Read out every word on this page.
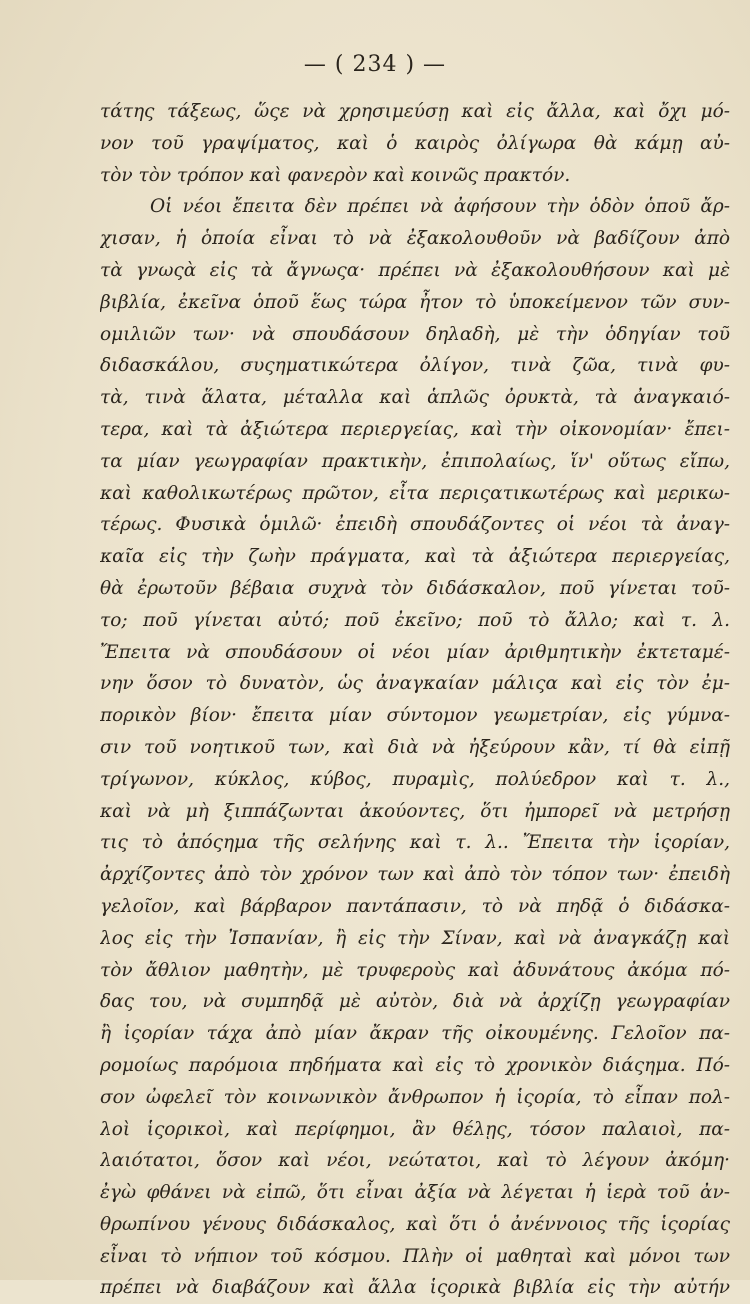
— ( 234 ) —
τάτης τάξεως, ὥςε νὰ χρησιμεύσῃ καὶ εἰς ἄλλα, καὶ ὄχι μό-
νον τοῦ γραψίματος, καὶ ὁ καιρὸς ὀλίγωρα θὰ κάμῃ αὐ-
τὸν τὸν τρόπον καὶ φανερὸν καὶ κοινῶς πρακτόν.
Οἱ νέοι ἔπειτα δὲν πρέπει νὰ ἀφήσουν τὴν ὁδὸν ὁποῦ ἄρ-
χισαν, ἡ ὁποία εἶναι τὸ νὰ ἐξακολουθοῦν νὰ βαδίζουν ἀπὸ
τὰ γνωςὰ εἰς τὰ ἄγνωςα· πρέπει νὰ ἐξακολουθήσουν καὶ μὲ
βιβλία, ἐκεῖνα ὁποῦ ἕως τώρα ἦτον τὸ ὑποκείμενον τῶν συν-
ομιλιῶν των· νὰ σπουδάσουν δηλαδὴ, μὲ τὴν ὁδηγίαν τοῦ
διδασκάλου, συςηματικώτερα ὀλίγον, τινὰ ζῶα, τινὰ φυ-
τὰ, τινὰ ἅλατα, μέταλλα καὶ ἁπλῶς ὀρυκτὰ, τὰ ἀναγκαιό-
τερα, καὶ τὰ ἀξιώτερα περιεργείας, καὶ τὴν οἰκονομίαν· ἔπει-
τα μίαν γεωγραφίαν πρακτικὴν, ἐπιπολαίως, ἵν' οὕτως εἴπω,
καὶ καθολικωτέρως πρῶτον, εἶτα περιςατικωτέρως καὶ μερικω-
τέρως. Φυσικὰ ὁμιλῶ· ἐπειδὴ σπουδάζοντες οἱ νέοι τὰ ἀναγ-
καῖα εἰς τὴν ζωὴν πράγματα, καὶ τὰ ἀξιώτερα περιεργείας,
θὰ ἐρωτοῦν βέβαια συχνὰ τὸν διδάσκαλον, ποῦ γίνεται τοῦ-
το; ποῦ γίνεται αὐτό; ποῦ ἐκεῖνο; ποῦ τὸ ἄλλο; καὶ τ. λ.
Ἔπειτα νὰ σπουδάσουν οἱ νέοι μίαν ἀριθμητικὴν ἐκτεταμέ-
νην ὅσον τὸ δυνατὸν, ὡς ἀναγκαίαν μάλιςα καὶ εἰς τὸν ἐμ-
πορικὸν βίον· ἔπειτα μίαν σύντομον γεωμετρίαν, εἰς γύμνα-
σιν τοῦ νοητικοῦ των, καὶ διὰ νὰ ἠξεύρουν κἂν, τί θὰ εἰπῇ
τρίγωνον, κύκλος, κύβος, πυραμὶς, πολύεδρον καὶ τ. λ.,
καὶ νὰ μὴ ξιππάζωνται ἀκούοντες, ὅτι ἠμπορεῖ νὰ μετρήσῃ
τις τὸ ἀπόςημα τῆς σελήνης καὶ τ. λ.. Ἔπειτα τὴν ἱςορίαν,
ἀρχίζοντες ἀπὸ τὸν χρόνον των καὶ ἀπὸ τὸν τόπον των· ἐπειδὴ
γελοῖον, καὶ βάρβαρον παντάπασιν, τὸ νὰ πηδᾷ ὁ διδάσκα-
λος εἰς τὴν Ἰσπανίαν, ἢ εἰς τὴν Σίναν, καὶ νὰ ἀναγκάζῃ καὶ
τὸν ἄθλιον μαθητὴν, μὲ τρυφεροὺς καὶ ἀδυνάτους ἀκόμα πό-
δας του, νὰ συμπηδᾷ μὲ αὐτὸν, διὰ νὰ ἀρχίζῃ γεωγραφίαν
ἢ ἱςορίαν τάχα ἀπὸ μίαν ἄκραν τῆς οἰκουμένης. Γελοῖον πα-
ρομοίως παρόμοια πηδήματα καὶ εἰς τὸ χρονικὸν διάςημα. Πό-
σον ὠφελεῖ τὸν κοινωνικὸν ἄνθρωπον ἡ ἱςορία, τὸ εἶπαν πολ-
λοὶ ἱςορικοὶ, καὶ περίφημοι, ἂν θέλῃς, τόσον παλαιοὶ, πα-
λαιότατοι, ὅσον καὶ νέοι, νεώτατοι, καὶ τὸ λέγουν ἀκόμη·
ἐγὼ φθάνει νὰ εἰπῶ, ὅτι εἶναι ἀξία νὰ λέγεται ἡ ἱερὰ τοῦ ἀν-
θρωπίνου γένους διδάσκαλος, καὶ ὅτι ὁ ἀνέννοιος τῆς ἱςορίας
εἶναι τὸ νήπιον τοῦ κόσμου. Πλὴν οἱ μαθηταὶ καὶ μόνοι των
πρέπει νὰ διαβάζουν καὶ ἄλλα ἱςορικὰ βιβλία εἰς τὴν αὐτήν
